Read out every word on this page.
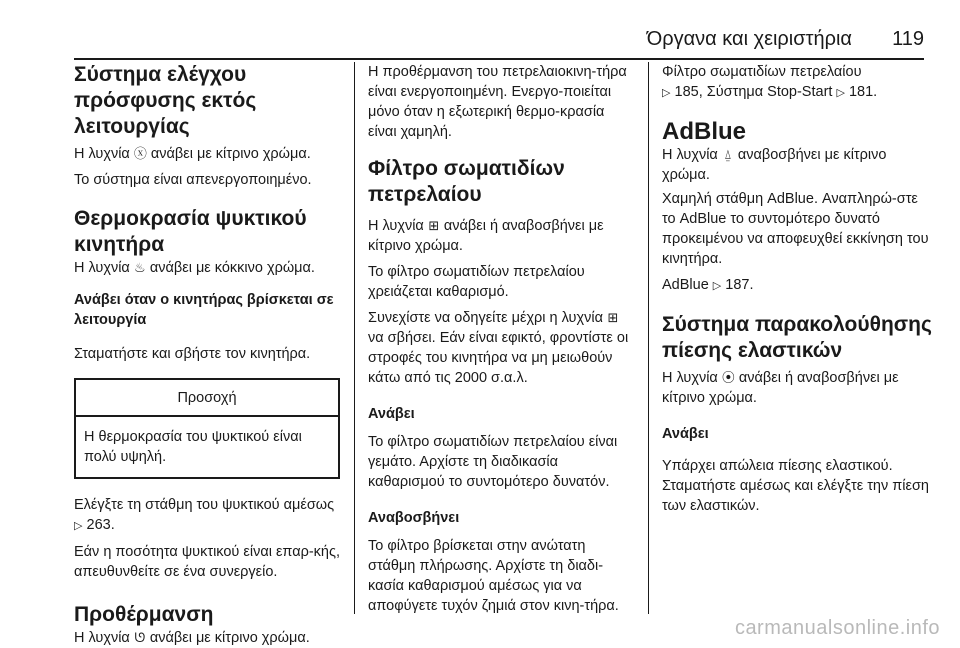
Όργανα και χειριστήρια 119
Σύστημα ελέγχου πρόσφυσης εκτός λειτουργίας

Η λυχνία ⓧ ανάβει με κίτρινο χρώμα.

Το σύστημα είναι απενεργοποιημένο.

Θερμοκρασία ψυκτικού κινητήρα

Η λυχνία ♨ ανάβει με κόκκινο χρώμα.

Ανάβει όταν ο κινητήρας βρίσκεται σε λειτουργία

Σταματήστε και σβήστε τον κινητήρα.

Προσοχή
Η θερμοκρασία του ψυκτικού είναι πολύ υψηλή.

Ελέγξτε τη στάθμη του ψυκτικού αμέσως ▷ 263.

Εάν η ποσότητα ψυκτικού είναι επαρ-κής, απευθυνθείτε σε ένα συνεργείο.

Προθέρμανση

Η λυχνία ᘎ ανάβει με κίτρινο χρώμα.

Η προθέρμανση του πετρελαιοκινη-τήρα είναι ενεργοποιημένη. Ενεργο-ποιείται μόνο όταν η εξωτερική θερμο-κρασία είναι χαμηλή.

Φίλτρο σωματιδίων πετρελαίου

Η λυχνία ⊞ ανάβει ή αναβοσβήνει με κίτρινο χρώμα.

Το φίλτρο σωματιδίων πετρελαίου χρειάζεται καθαρισμό.

Συνεχίστε να οδηγείτε μέχρι η λυχνία ⊞ να σβήσει. Εάν είναι εφικτό, φροντίστε οι στροφές του κινητήρα να μη μειωθούν κάτω από τις 2000 σ.α.λ.

Ανάβει

Το φίλτρο σωματιδίων πετρελαίου είναι γεμάτο. Αρχίστε τη διαδικασία καθαρισμού το συντομότερο δυνατόν.

Αναβοσβήνει

Το φίλτρο βρίσκεται στην ανώτατη στάθμη πλήρωσης. Αρχίστε τη διαδι-κασία καθαρισμού αμέσως για να αποφύγετε τυχόν ζημιά στον κινη-τήρα.

Φίλτρο σωματιδίων πετρελαίου
▷ 185, Σύστημα Stop-Start ▷ 181.

AdBlue

Η λυχνία ⍙ αναβοσβήνει με κίτρινο χρώμα.

Χαμηλή στάθμη AdBlue. Αναπληρώ-στε το AdBlue το συντομότερο δυνατό προκειμένου να αποφευχθεί εκκίνηση του κινητήρα.

AdBlue ▷ 187.

Σύστημα παρακολούθησης πίεσης ελαστικών

Η λυχνία ⦿ ανάβει ή αναβοσβήνει με κίτρινο χρώμα.

Ανάβει

Υπάρχει απώλεια πίεσης ελαστικού. Σταματήστε αμέσως και ελέγξτε την πίεση των ελαστικών.

carmanualsonline.info
